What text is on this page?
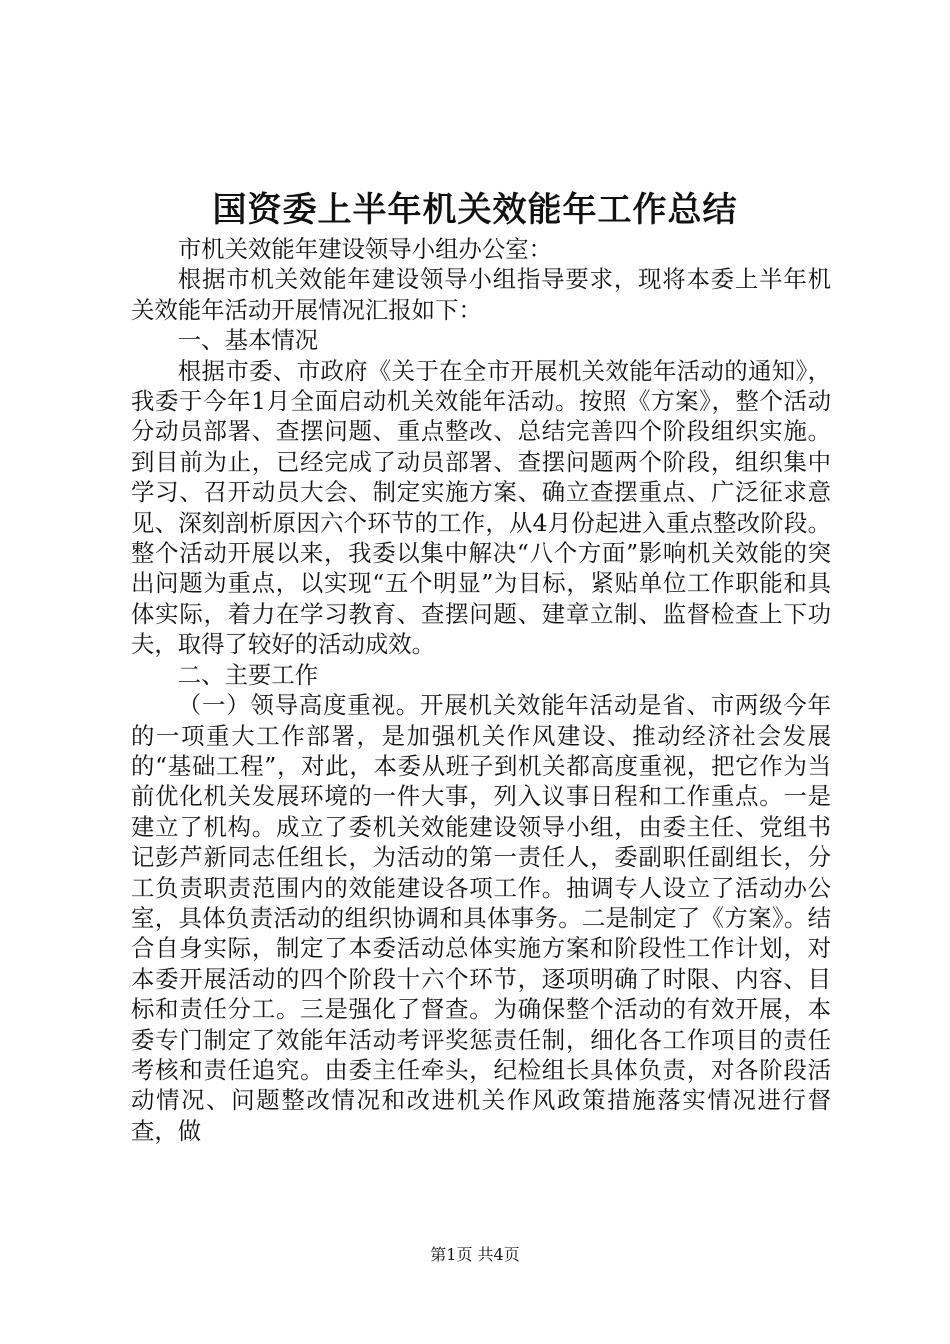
国资委上半年机关效能年工作总结

市机关效能年建设领导小组办公室：

根据市机关效能年建设领导小组指导要求，现将本委上半年机关效能年活动开展情况汇报如下：

一、基本情况

根据市委、市政府《关于在全市开展机关效能年活动的通知》，我委于今年1月全面启动机关效能年活动。按照《方案》，整个活动分动员部署、查摆问题、重点整改、总结完善四个阶段组织实施。到目前为止，已经完成了动员部署、查摆问题两个阶段，组织集中学习、召开动员大会、制定实施方案、确立查摆重点、广泛征求意见、深刻剖析原因六个环节的工作，从4月份起进入重点整改阶段。整个活动开展以来，我委以集中解决“八个方面”影响机关效能的突出问题为重点，以实现“五个明显”为目标，紧贴单位工作职能和具体实际，着力在学习教育、查摆问题、建章立制、监督检查上下功夫，取得了较好的活动成效。

二、主要工作

（一）领导高度重视。开展机关效能年活动是省、市两级今年的一项重大工作部署，是加强机关作风建设、推动经济社会发展的“基础工程”，对此，本委从班子到机关都高度重视，把它作为当前优化机关发展环境的一件大事，列入议事日程和工作重点。一是建立了机构。成立了委机关效能建设领导小组，由委主任、党组书记彭芦新同志任组长，为活动的第一责任人，委副职任副组长，分工负责职责范围内的效能建设各项工作。抽调专人设立了活动办公室，具体负责活动的组织协调和具体事务。二是制定了《方案》。结合自身实际，制定了本委活动总体实施方案和阶段性工作计划，对本委开展活动的四个阶段十六个环节，逐项明确了时限、内容、目标和责任分工。三是强化了督查。为确保整个活动的有效开展，本委专门制定了效能年活动考评奖惩责任制，细化各工作项目的责任考核和责任追究。由委主任牵头，纪检组长具体负责，对各阶段活动情况、问题整改情况和改进机关作风政策措施落实情况进行督查，做

第1页 共4页
